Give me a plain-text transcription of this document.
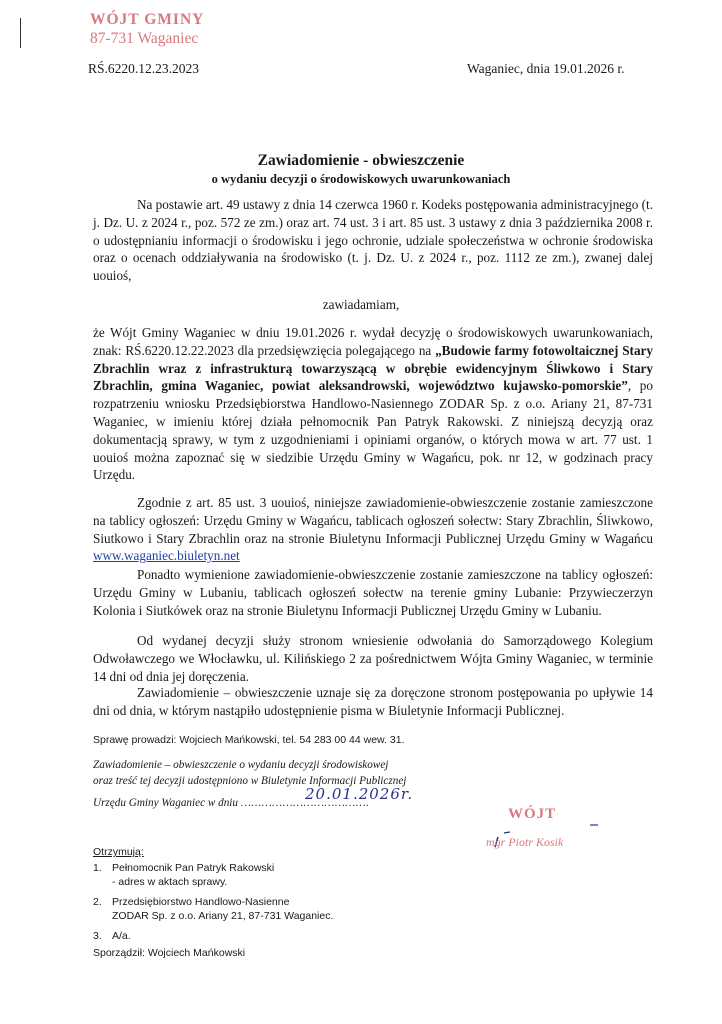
WÓJT GMINY
87-731 Waganiec
RŚ.6220.12.23.2023	Waganiec, dnia 19.01.2026 r.
Zawiadomienie - obwieszczenie
o wydaniu decyzji o środowiskowych uwarunkowaniach
Na postawie art. 49 ustawy z dnia 14 czerwca 1960 r. Kodeks postępowania administracyjnego (t. j. Dz. U. z 2024 r., poz. 572 ze zm.) oraz art. 74 ust. 3 i art. 85 ust. 3 ustawy z dnia 3 października 2008 r. o udostępnianiu informacji o środowisku i jego ochronie, udziale społeczeństwa w ochronie środowiska oraz o ocenach oddziaływania na środowisko (t. j. Dz. U. z 2024 r., poz. 1112 ze zm.), zwanej dalej uouioś,
zawiadamiam,
że Wójt Gminy Waganiec w dniu 19.01.2026 r. wydał decyzję o środowiskowych uwarunkowaniach, znak: RŚ.6220.12.22.2023 dla przedsięwzięcia polegającego na „Budowie farmy fotowoltaicznej Stary Zbrachlin wraz z infrastrukturą towarzyszącą w obrębie ewidencyjnym Śliwkowo i Stary Zbrachlin, gmina Waganiec, powiat aleksandrowski, województwo kujawsko-pomorskie”, po rozpatrzeniu wniosku Przedsiębiorstwa Handlowo-Nasiennego ZODAR Sp. z o.o. Ariany 21, 87-731 Waganiec, w imieniu której działa pełnomocnik Pan Patryk Rakowski. Z niniejszą decyzją oraz dokumentacją sprawy, w tym z uzgodnieniami i opiniami organów, o których mowa w art. 77 ust. 1 uouioś można zapoznać się w siedzibie Urzędu Gminy w Wagańcu, pok. nr 12, w godzinach pracy Urzędu.
Zgodnie z art. 85 ust. 3 uouioś, niniejsze zawiadomienie-obwieszczenie zostanie zamieszczone na tablicy ogłoszeń: Urzędu Gminy w Wagańcu, tablicach ogłoszeń sołectw: Stary Zbrachlin, Śliwkowo, Siutkowo i Stary Zbrachlin oraz na stronie Biuletynu Informacji Publicznej Urzędu Gminy w Wagańcu www.waganiec.biuletyn.net
Ponadto wymienione zawiadomienie-obwieszczenie zostanie zamieszczone na tablicy ogłoszeń: Urzędu Gminy w Lubaniu, tablicach ogłoszeń sołectw na terenie gminy Lubanie: Przywieczerzyn Kolonia i Siutkówek oraz na stronie Biuletynu Informacji Publicznej Urzędu Gminy w Lubaniu.
Od wydanej decyzji służy stronom wniesienie odwołania do Samorządowego Kolegium Odwoławczego we Włocławku, ul. Kilińskiego 2 za pośrednictwem Wójta Gminy Waganiec, w terminie 14 dni od dnia jej doręczenia.
Zawiadomienie – obwieszczenie uznaje się za doręczone stronom postępowania po upływie 14 dni od dnia, w którym nastąpiło udostępnienie pisma w Biuletynie Informacji Publicznej.
Sprawę prowadzi: Wojciech Mańkowski, tel. 54 283 00 44 wew. 31.
Zawiadomienie – obwieszczenie o wydaniu decyzji środowiskowej
oraz treść tej decyzji udostępniono w Biuletynie Informacji Publicznej
Urzędu Gminy Waganiec w dniu ……………………………….
20.01.2026r.
WÓJT
mgr Piotr Kosik
Otrzymują:
1. Pełnomocnik Pan Patryk Rakowski
- adres w aktach sprawy.
2. Przedsiębiorstwo Handlowo-Nasienne
ZODAR Sp. z o.o. Ariany 21, 87-731 Waganiec.
3. A/a.
Sporządził: Wojciech Mańkowski
